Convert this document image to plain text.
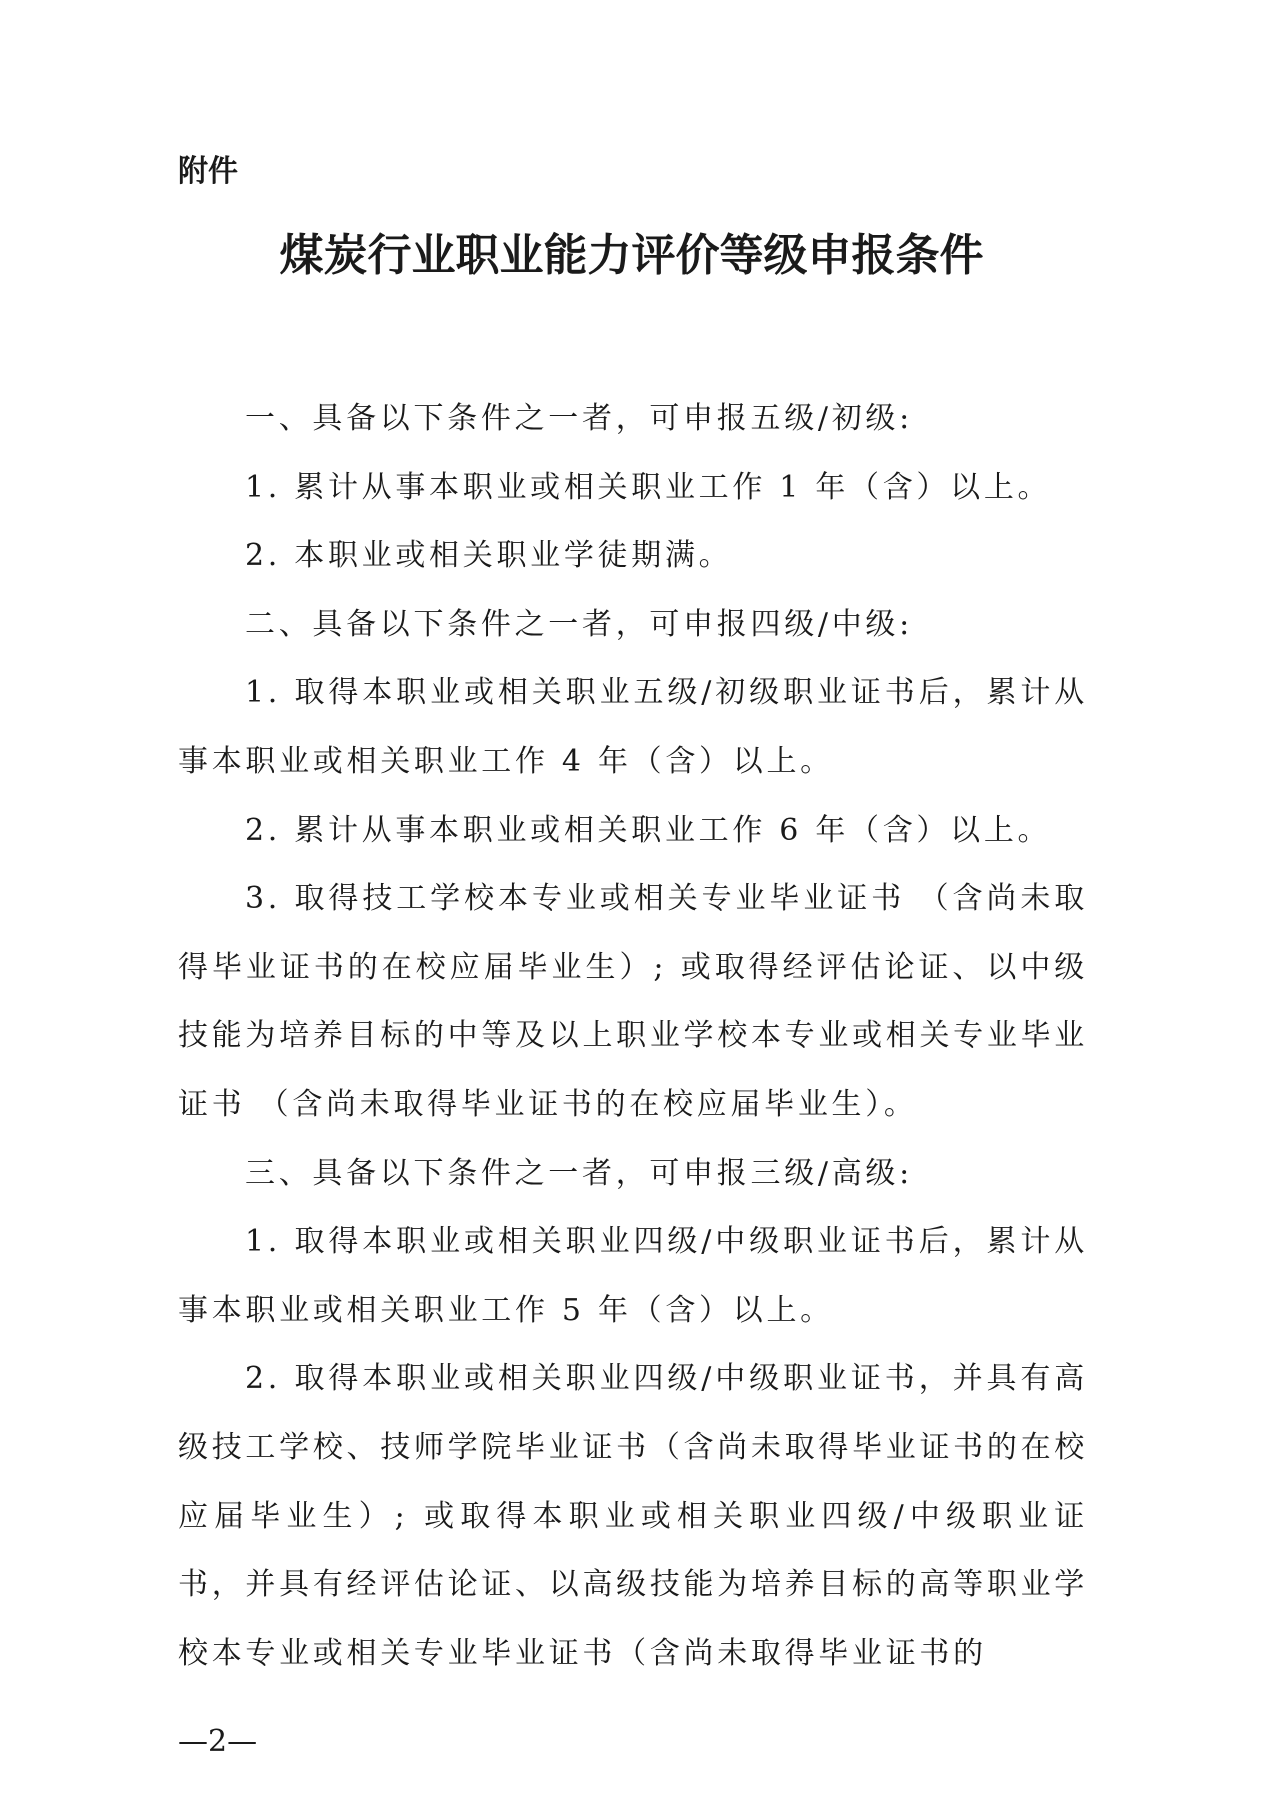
附件
煤炭行业职业能力评价等级申报条件

一、具备以下条件之一者，可申报五级/初级:

1. 累计从事本职业或相关职业工作 1 年（含）以上。

2. 本职业或相关职业学徒期满。

二、具备以下条件之一者，可申报四级/中级:

1. 取得本职业或相关职业五级/初级职业证书后，累计从事本职业或相关职业工作 4 年（含）以上。

2. 累计从事本职业或相关职业工作 6 年（含）以上。

3. 取得技工学校本专业或相关专业毕业证书 （含尚未取得毕业证书的在校应届毕业生）; 或取得经评估论证、以中级技能为培养目标的中等及以上职业学校本专业或相关专业毕业证书 （含尚未取得毕业证书的在校应届毕业生）。

三、具备以下条件之一者，可申报三级/高级:

1. 取得本职业或相关职业四级/中级职业证书后，累计从事本职业或相关职业工作 5 年（含）以上。

2. 取得本职业或相关职业四级/中级职业证书，并具有高级技工学校、技师学院毕业证书（含尚未取得毕业证书的在校应届毕业生）; 或取得本职业或相关职业四级/中级职业证书，并具有经评估论证、以高级技能为培养目标的高等职业学校本专业或相关专业毕业证书（含尚未取得毕业证书的

—2—
